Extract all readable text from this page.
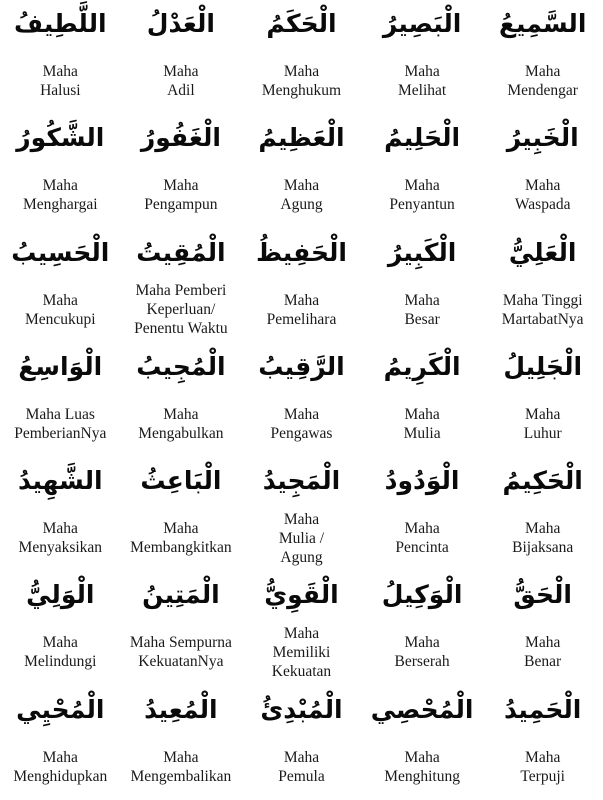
اللَّطِيفُ
Maha
Halusi
الْعَدْلُ
Maha
Adil
الْحَكَمُ
Maha
Menghukum
الْبَصِيرُ
Maha
Melihat
السَّمِيعُ
Maha
Mendengar
الشَّكُورُ
Maha
Menghargai
الْغَفُورُ
Maha
Pengampun
الْعَظِيمُ
Maha
Agung
الْحَلِيمُ
Maha
Penyantun
الْخَبِيرُ
Maha
Waspada
الْحَسِيبُ
Maha
Mencukupi
الْمُقِيتُ
Maha Pemberi
Keperluan/
Penentu Waktu
الْحَفِيظُ
Maha
Pemelihara
الْكَبِيرُ
Maha
Besar
الْعَلِيُّ
Maha Tinggi
MartabatNya
الْوَاسِعُ
Maha Luas
PemberianNya
الْمُجِيبُ
Maha
Mengabulkan
الرَّقِيبُ
Maha
Pengawas
الْكَرِيمُ
Maha
Mulia
الْجَلِيلُ
Maha
Luhur
الشَّهِيدُ
Maha
Menyaksikan
الْبَاعِثُ
Maha
Membangkitkan
الْمَجِيدُ
Maha
Mulia /
Agung
الْوَدُودُ
Maha
Pencinta
الْحَكِيمُ
Maha
Bijaksana
الْوَلِيُّ
Maha
Melindungi
الْمَتِينُ
Maha Sempurna
KekuatanNya
الْقَوِيُّ
Maha
Memiliki
Kekuatan
الْوَكِيلُ
Maha
Berserah
الْحَقُّ
Maha
Benar
الْمُحْيِي
Maha
Menghidupkan
الْمُعِيدُ
Maha
Mengembalikan
الْمُبْدِئُ
Maha
Pemula
الْمُحْصِي
Maha
Menghitung
الْحَمِيدُ
Maha
Terpuji
